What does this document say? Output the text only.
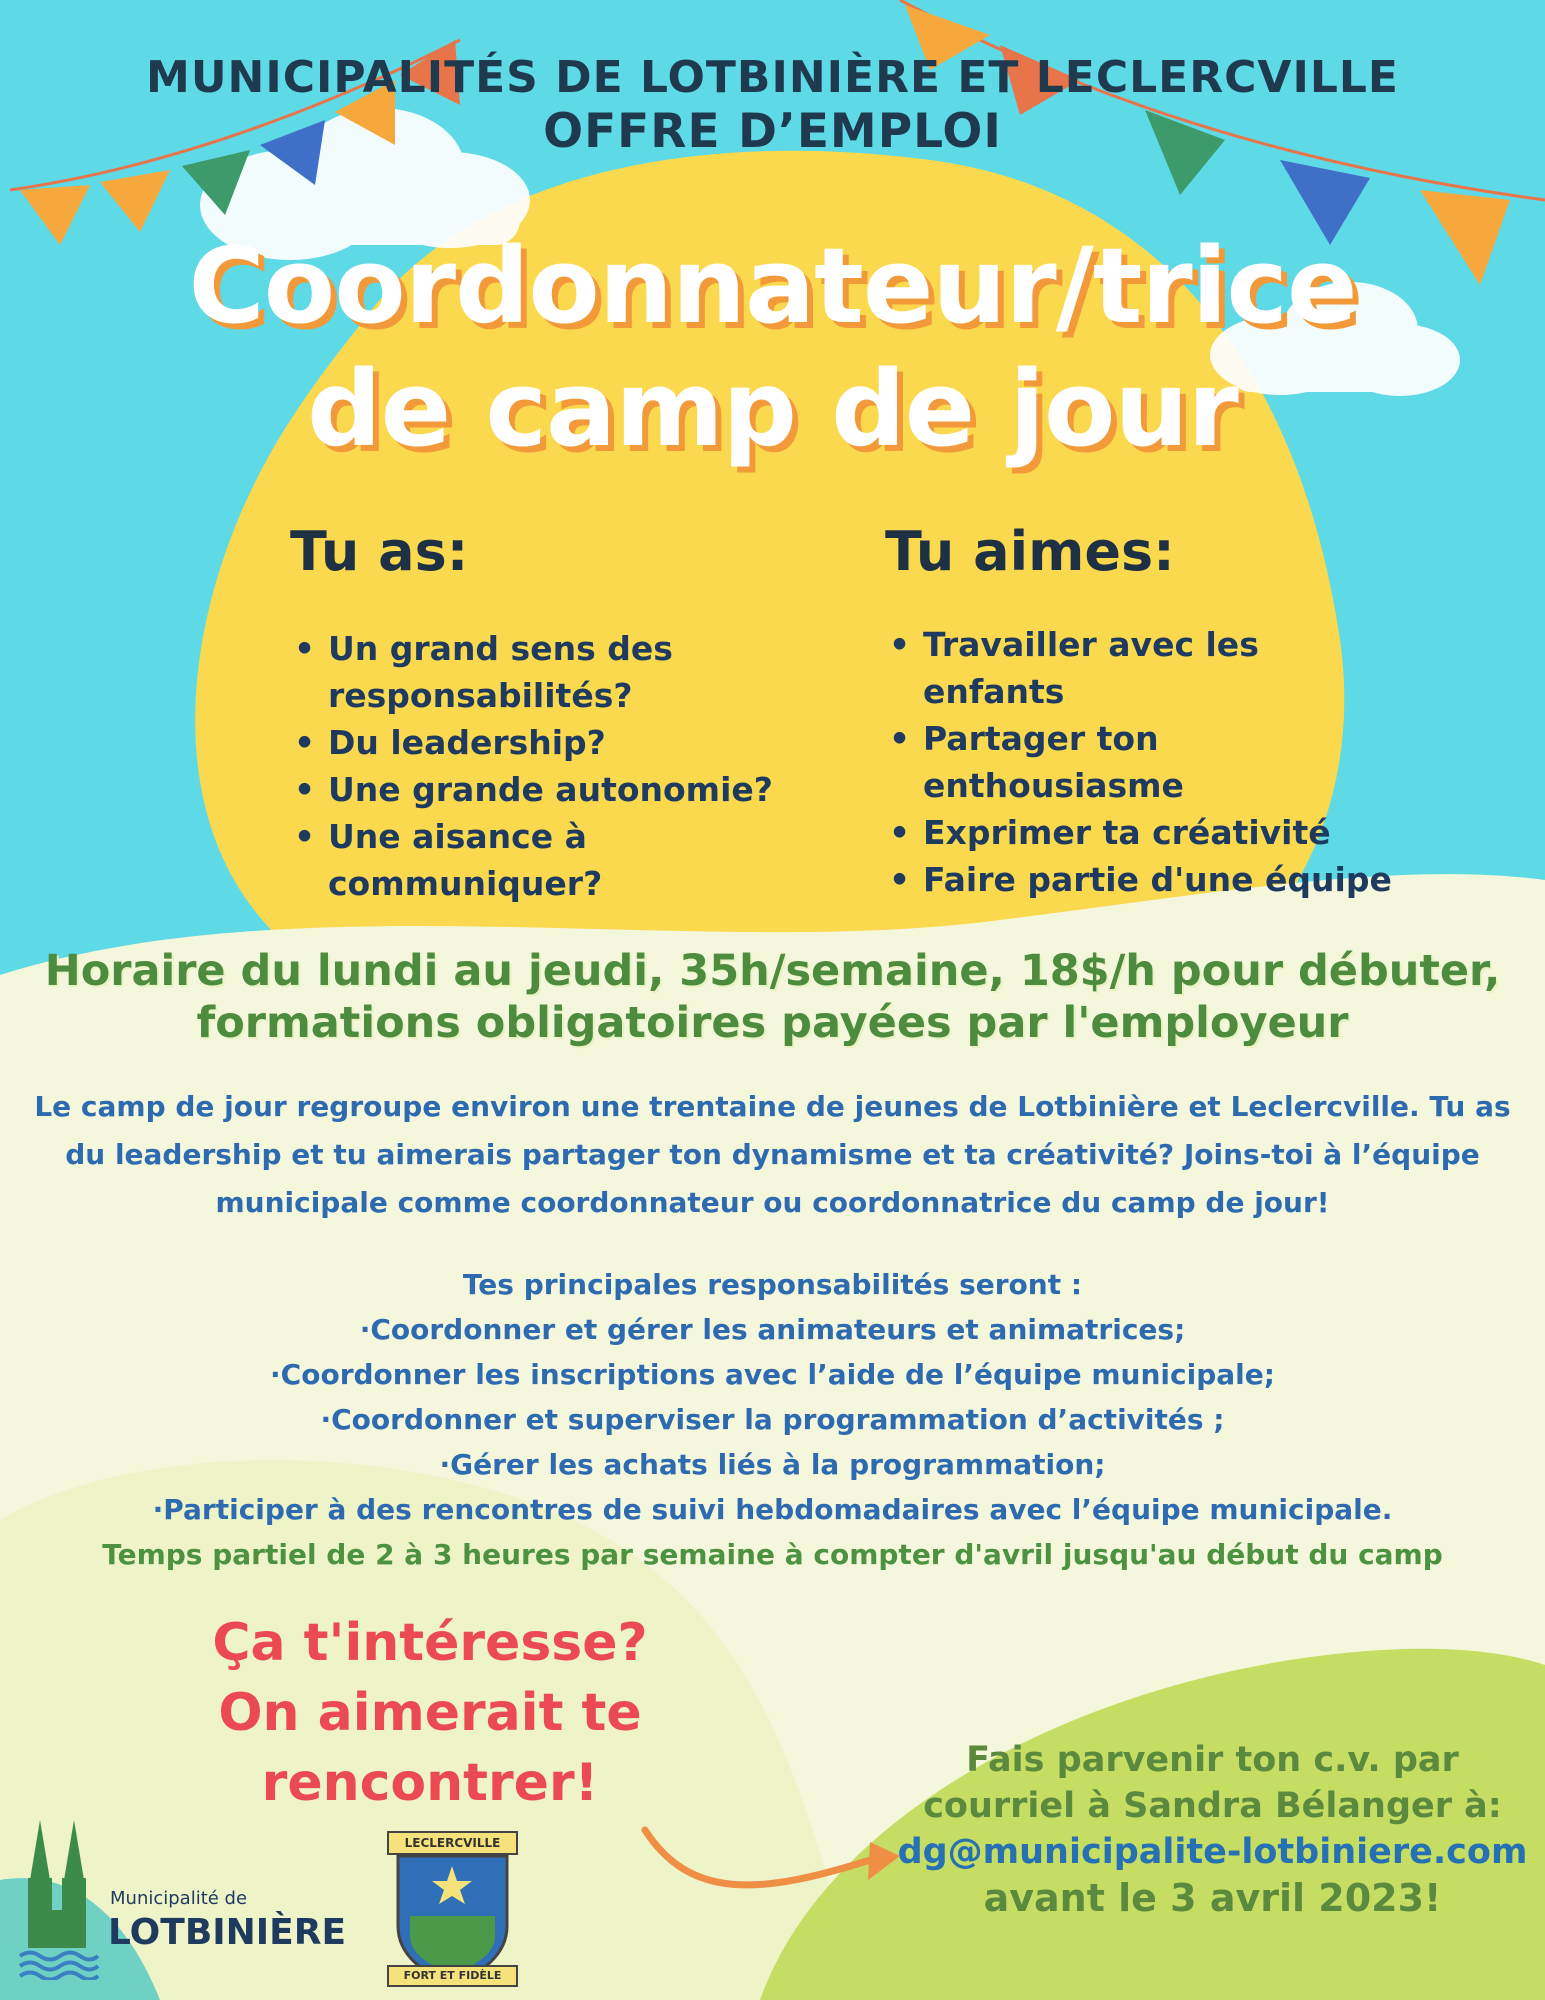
MUNICIPALITÉS DE LOTBINIÈRE ET LECLERCVILLE
OFFRE D’EMPLOI
Coordonnateur/trice
de camp de jour
Tu as:
• Un grand sens des responsabilités?
• Du leadership?
• Une grande autonomie?
• Une aisance à communiquer?
Tu aimes:
• Travailler avec les enfants
• Partager ton enthousiasme
• Exprimer ta créativité
• Faire partie d'une équipe
Horaire du lundi au jeudi, 35h/semaine, 18$/h pour débuter,
formations obligatoires payées par l'employeur
Le camp de jour regroupe environ une trentaine de jeunes de Lotbinière et Leclercville. Tu as
du leadership et tu aimerais partager ton dynamisme et ta créativité? Joins-toi à l’équipe
municipale comme coordonnateur ou coordonnatrice du camp de jour!
Tes principales responsabilités seront :
·Coordonner et gérer les animateurs et animatrices;
·Coordonner les inscriptions avec l’aide de l’équipe municipale;
·Coordonner et superviser la programmation d’activités ;
·Gérer les achats liés à la programmation;
·Participer à des rencontres de suivi hebdomadaires avec l’équipe municipale.
Temps partiel de 2 à 3 heures par semaine à compter d'avril jusqu'au début du camp
Ça t'intéresse?
On aimerait te
rencontrer!	Fais parvenir ton c.v. par
courriel à Sandra Bélanger à:
dg@municipalite-lotbiniere.com
avant le 3 avril 2023!
Municipalité de
LOTBINIÈRE
LECLERCVILLE
FORT ET FIDÈLE
